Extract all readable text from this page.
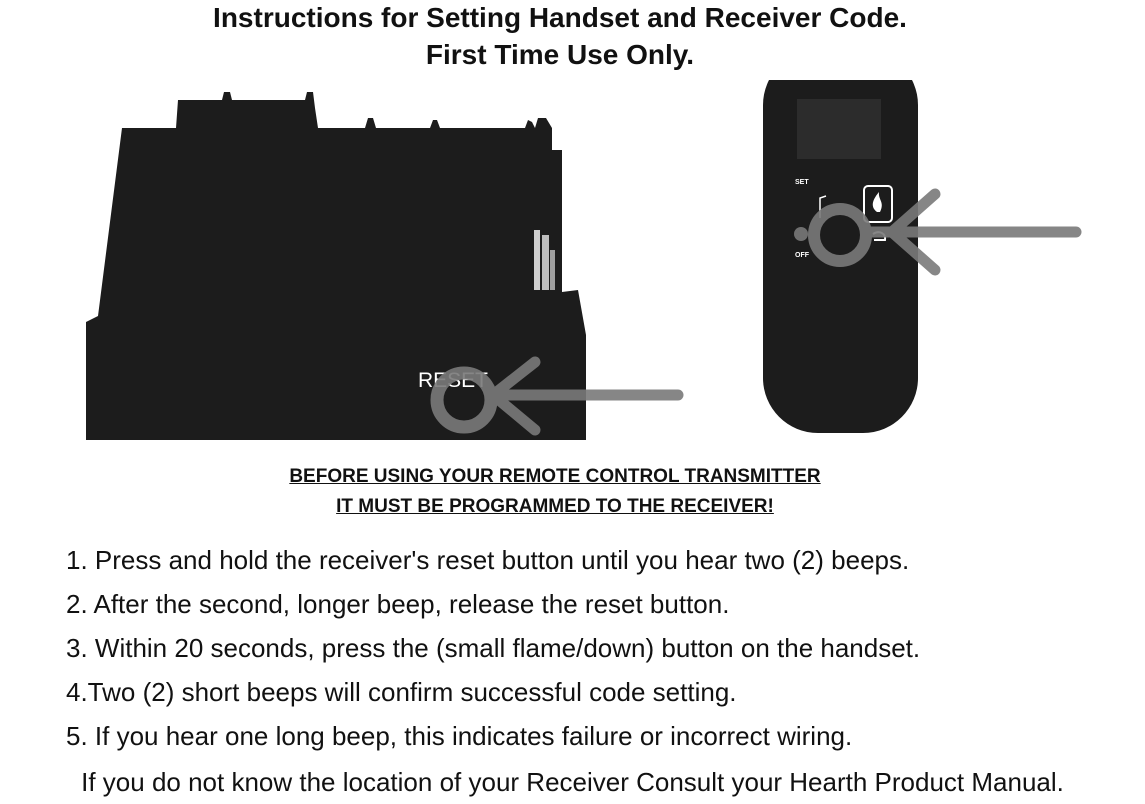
Instructions for Setting Handset and Receiver Code.
First Time Use Only.
RESET
SET
OFF
BEFORE USING YOUR REMOTE CONTROL TRANSMITTER
IT MUST BE PROGRAMMED TO THE RECEIVER!
1. Press and hold the receiver's reset button until you hear two (2) beeps.
2. After the second, longer beep, release the reset button.
3. Within 20 seconds, press the (small flame/down) button on the handset.
4.Two (2) short beeps will confirm successful code setting.
5. If you hear one long beep, this indicates failure or incorrect wiring.
If you do not know the location of your Receiver Consult your Hearth Product Manual.
